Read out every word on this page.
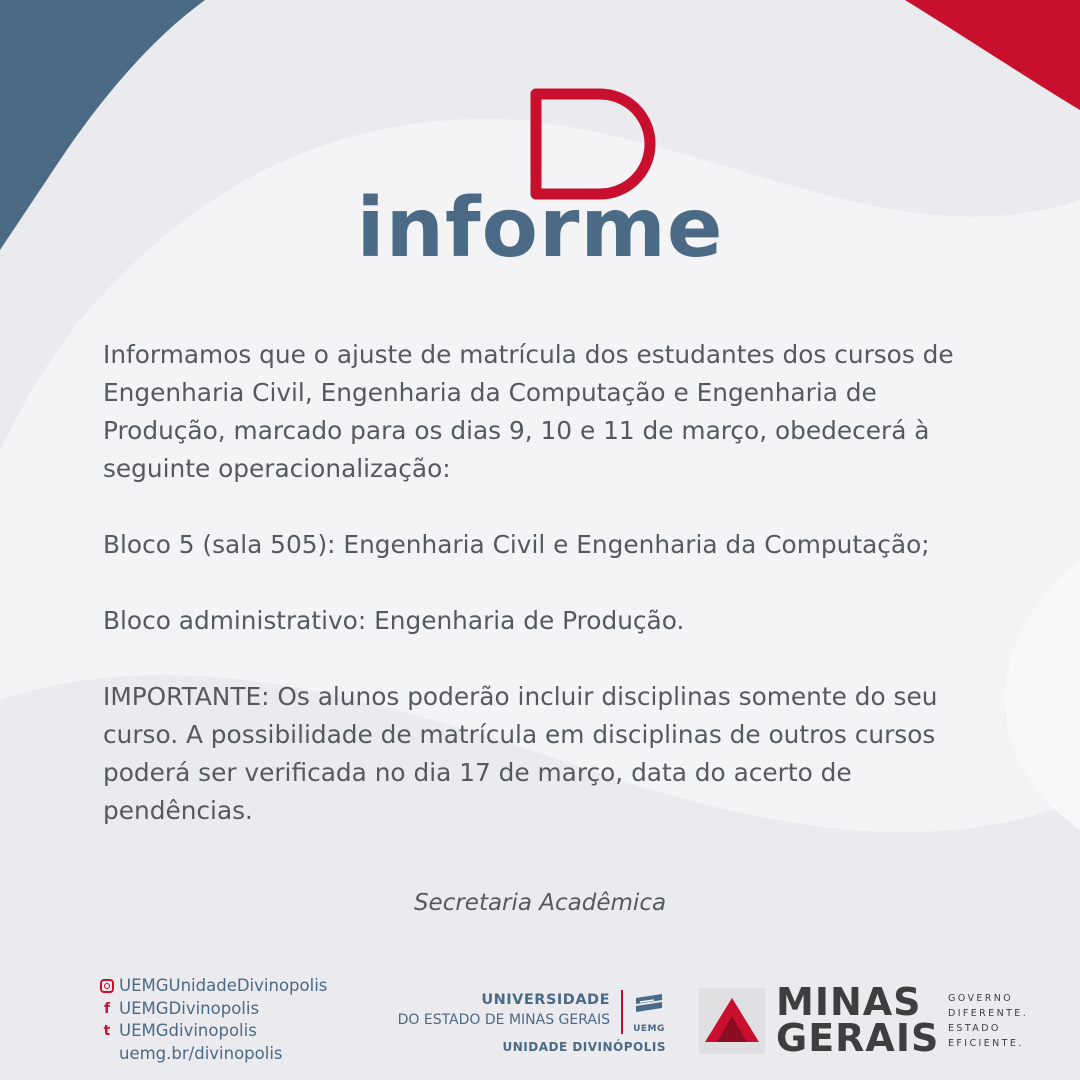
informe

Informamos que o ajuste de matrícula dos estudantes dos cursos de Engenharia Civil, Engenharia da Computação e Engenharia de Produção, marcado para os dias 9, 10 e 11 de março, obedecerá à seguinte operacionalização:

Bloco 5 (sala 505): Engenharia Civil e Engenharia da Computação;

Bloco administrativo: Engenharia de Produção.

IMPORTANTE: Os alunos poderão incluir disciplinas somente do seu curso. A possibilidade de matrícula em disciplinas de outros cursos poderá ser verificada no dia 17 de março, data do acerto de pendências.

Secretaria Acadêmica
UEMGUnidadeDivinopolis
f UEMGDivinopolis
t UEMGdivinopolis
uemg.br/divinopolis
UNIVERSIDADE
DO ESTADO DE MINAS GERAIS
UEMG
UNIDADE DIVINÓPOLIS
MINAS
GERAIS
GOVERNO
DIFERENTE.
ESTADO
EFICIENTE.
